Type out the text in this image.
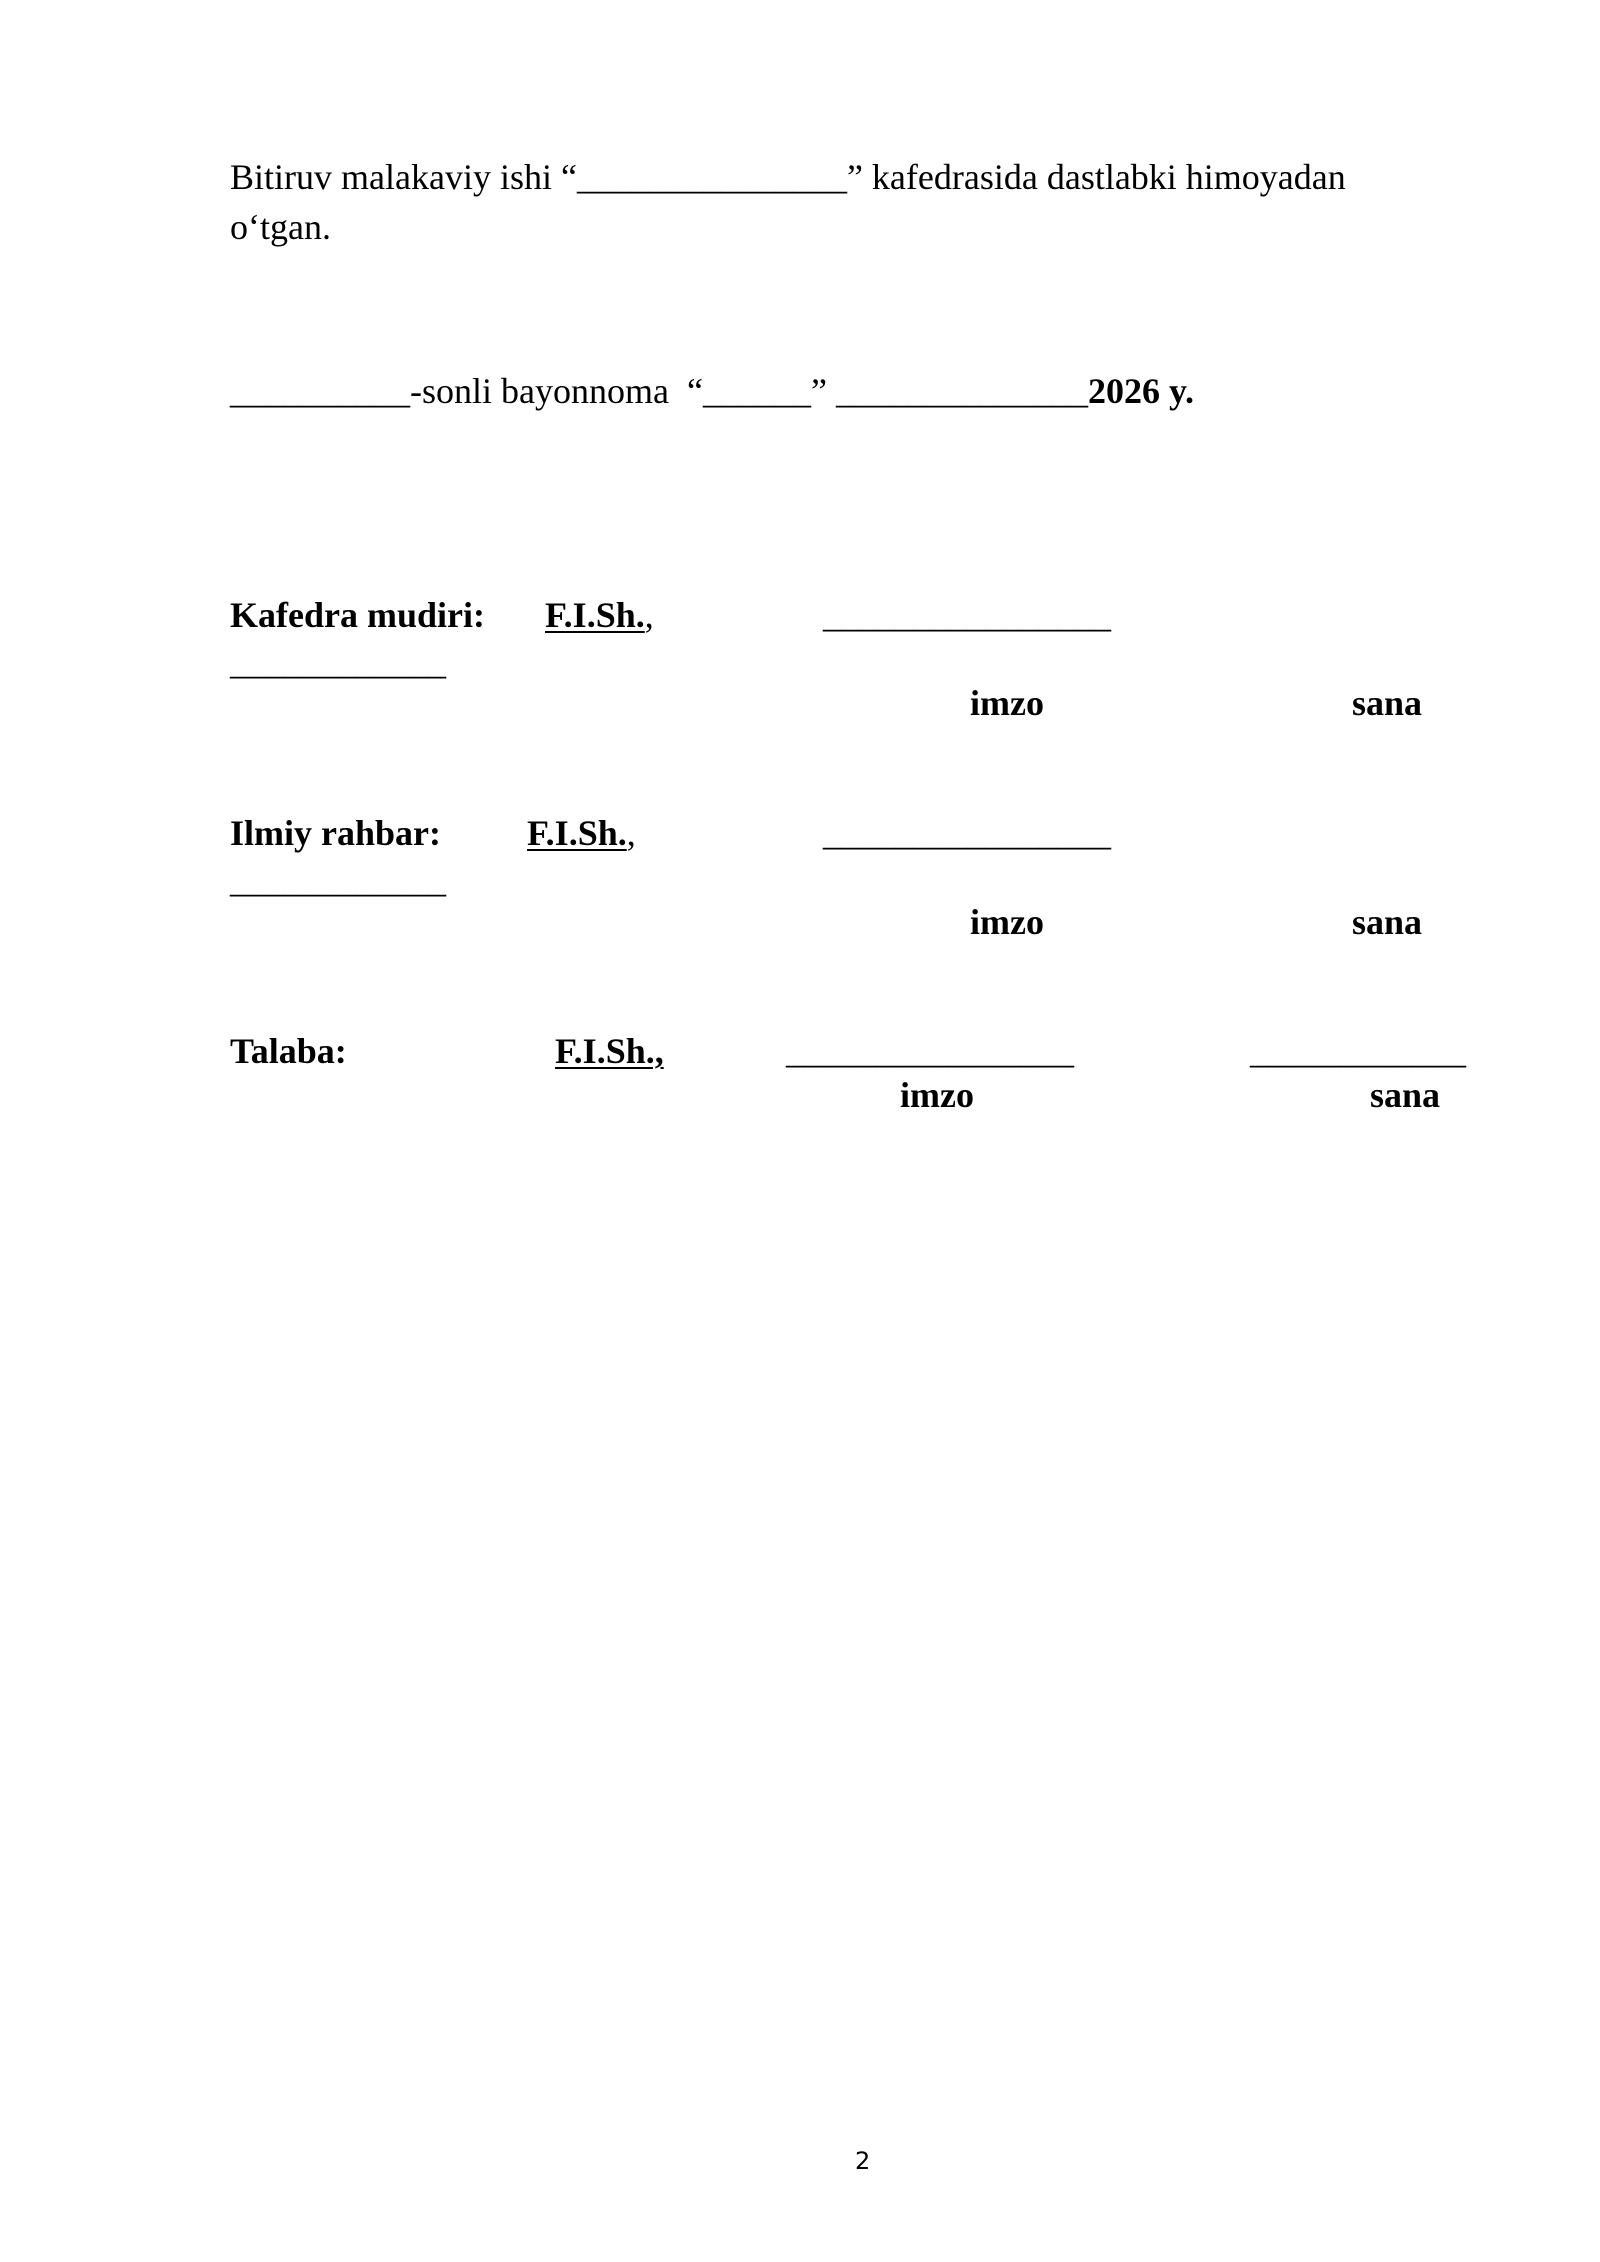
Bitiruv malakaviy ishi “_______________” kafedrasida dastlabki himoyadan
o‘tgan.
__________-sonli bayonnoma  “______” ______________2026 y.
Kafedra mudiri: F.I.Sh.,	________________
____________
imzo	sana
Ilmiy rahbar: F.I.Sh.,	________________
____________
imzo	sana
Talaba:	F.I.Sh.,	________________	____________
imzo	sana
2
